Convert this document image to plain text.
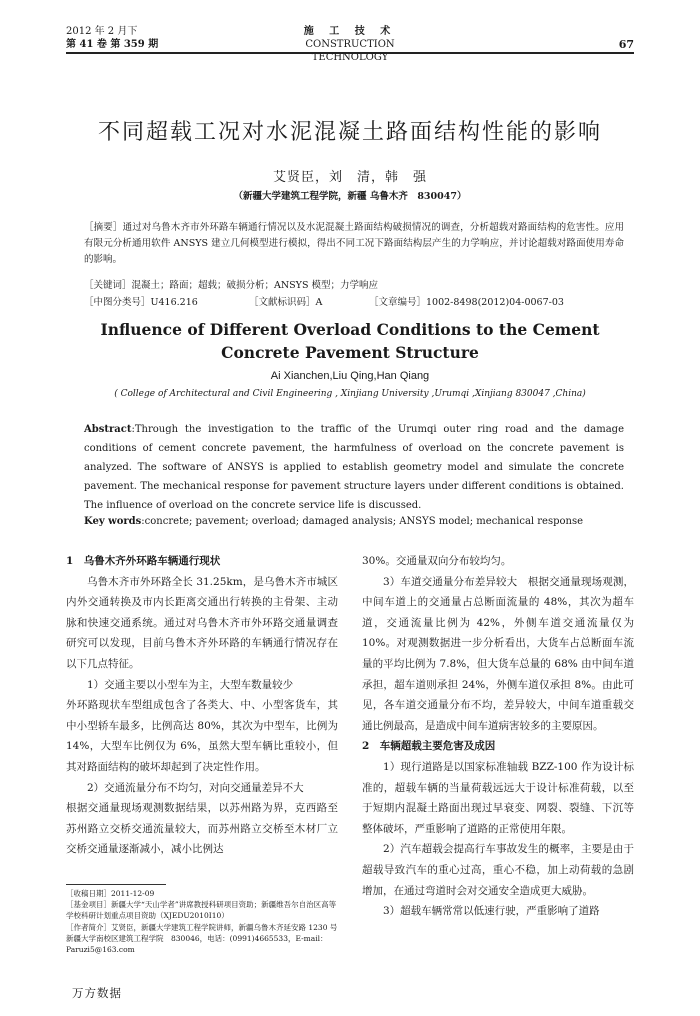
2012 年 2 月下
第 41 卷 第 359 期
施 工 技 术
CONSTRUCTION TECHNOLOGY
67
不同超载工况对水泥混凝土路面结构性能的影响
艾贤臣，刘　清，韩　强
（新疆大学建筑工程学院，新疆 乌鲁木齐　830047）
［摘要］通过对乌鲁木齐市外环路车辆通行情况以及水泥混凝土路面结构破损情况的调查，分析超载对路面结构的危害性。应用有限元分析通用软件 ANSYS 建立几何模型进行模拟，得出不同工况下路面结构层产生的力学响应，并讨论超载对路面使用寿命的影响。
［关键词］混凝土；路面；超载；破损分析；ANSYS 模型；力学响应
［中图分类号］U416.216	［文献标识码］A	［文章编号］1002-8498(2012)04-0067-03
Influence of Different Overload Conditions to the Cement
Concrete Pavement Structure
Ai Xianchen,Liu Qing,Han Qiang
( College of Architectural and Civil Engineering , Xinjiang University ,Urumqi ,Xinjiang 830047 ,China)
Abstract:Through the investigation to the traffic of the Urumqi outer ring road and the damage conditions of cement concrete pavement, the harmfulness of overload on the concrete pavement is analyzed. The software of ANSYS is applied to establish geometry model and simulate the concrete pavement. The mechanical response for pavement structure layers under different conditions is obtained. The influence of overload on the concrete service life is discussed.
Key words:concrete; pavement; overload; damaged analysis; ANSYS model; mechanical response
1　乌鲁木齐外环路车辆通行现状

乌鲁木齐市外环路全长 31.25km，是乌鲁木齐市城区内外交通转换及市内长距离交通出行转换的主骨架、主动脉和快速交通系统。通过对乌鲁木齐市外环路交通量调查研究可以发现，目前乌鲁木齐外环路的车辆通行情况存在以下几点特征。

1）交通主要以小型车为主，大型车数量较少

外环路现状车型组成包含了各类大、中、小型客货车，其中小型轿车最多，比例高达 80%，其次为中型车，比例为 14%，大型车比例仅为 6%，虽然大型车辆比重较小，但其对路面结构的破坏却起到了决定性作用。

2）交通流量分布不均匀，对向交通量差异不大

根据交通量现场观测数据结果，以苏州路为界，克西路至苏州路立交桥交通流量较大，而苏州路立交桥至木材厂立交桥交通量逐渐减小，减小比例达

［收稿日期］2011-12-09

［基金项目］新疆大学“天山学者”讲席教授科研项目资助；新疆维吾尔自治区高等学校科研计划重点项目资助（XJEDU2010I10）

［作者简介］艾贤臣，新疆大学建筑工程学院讲师，新疆乌鲁木齐延安路 1230 号新疆大学南校区建筑工程学院　830046，电话：(0991)4665533，E-mail：Paruzi5@163.com

30%。交通量双向分布较均匀。

3）车道交通量分布差异较大　 根据交通量现场观测，中间车道上的交通量占总断面流量的 48%，其次为超车道，交通流量比例为 42%，外侧车道交通流量仅为 10%。对观测数据进一步分析看出，大货车占总断面车流量的平均比例为 7.8%，但大货车总量的 68% 由中间车道承担，超车道则承担 24%，外侧车道仅承担 8%。由此可见，各车道交通量分布不均，差异较大，中间车道重载交通比例最高，是造成中间车道病害较多的主要原因。

2　车辆超载主要危害及成因

1）现行道路是以国家标准轴载 BZZ-100 作为设计标准的，超载车辆的当量荷载远远大于设计标准荷载，以至于短期内混凝土路面出现过早衰变、网裂、裂缝、下沉等整体破坏，严重影响了道路的正常使用年限。

2）汽车超载会提高行车事故发生的概率，主要是由于超载导致汽车的重心过高，重心不稳，加上动荷载的急剧增加，在通过弯道时会对交通安全造成更大威胁。

3）超载车辆常常以低速行驶，严重影响了道路

万方数据
